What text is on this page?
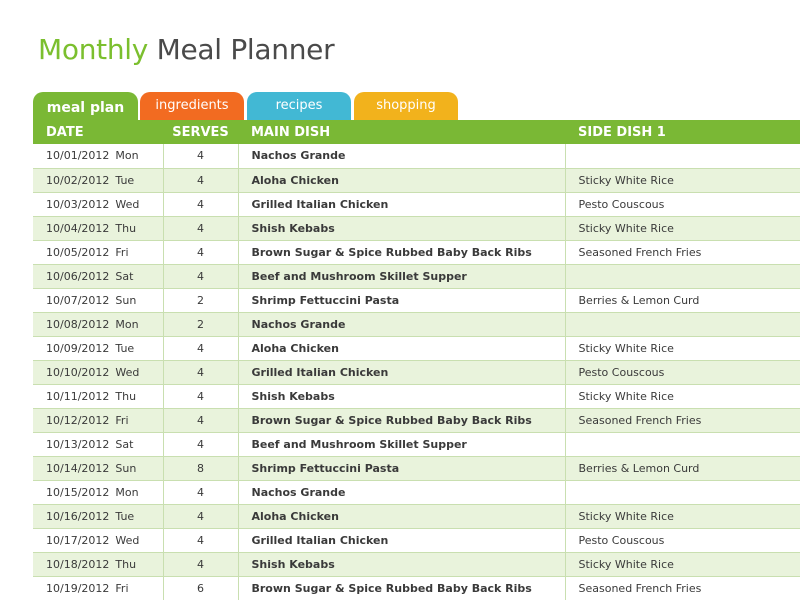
Monthly Meal Planner
meal plan	ingredients	recipes	shopping
DATE	SERVES	MAIN DISH	SIDE DISH 1
10/01/2012 Mon	4	Nachos Grande	
10/02/2012 Tue	4	Aloha Chicken	Sticky White Rice
10/03/2012 Wed	4	Grilled Italian Chicken	Pesto Couscous
10/04/2012 Thu	4	Shish Kebabs	Sticky White Rice
10/05/2012 Fri	4	Brown Sugar & Spice Rubbed Baby Back Ribs	Seasoned French Fries
10/06/2012 Sat	4	Beef and Mushroom Skillet Supper	
10/07/2012 Sun	2	Shrimp Fettuccini Pasta	Berries & Lemon Curd
10/08/2012 Mon	2	Nachos Grande	
10/09/2012 Tue	4	Aloha Chicken	Sticky White Rice
10/10/2012 Wed	4	Grilled Italian Chicken	Pesto Couscous
10/11/2012 Thu	4	Shish Kebabs	Sticky White Rice
10/12/2012 Fri	4	Brown Sugar & Spice Rubbed Baby Back Ribs	Seasoned French Fries
10/13/2012 Sat	4	Beef and Mushroom Skillet Supper	
10/14/2012 Sun	8	Shrimp Fettuccini Pasta	Berries & Lemon Curd
10/15/2012 Mon	4	Nachos Grande	
10/16/2012 Tue	4	Aloha Chicken	Sticky White Rice
10/17/2012 Wed	4	Grilled Italian Chicken	Pesto Couscous
10/18/2012 Thu	4	Shish Kebabs	Sticky White Rice
10/19/2012 Fri	6	Brown Sugar & Spice Rubbed Baby Back Ribs	Seasoned French Fries
